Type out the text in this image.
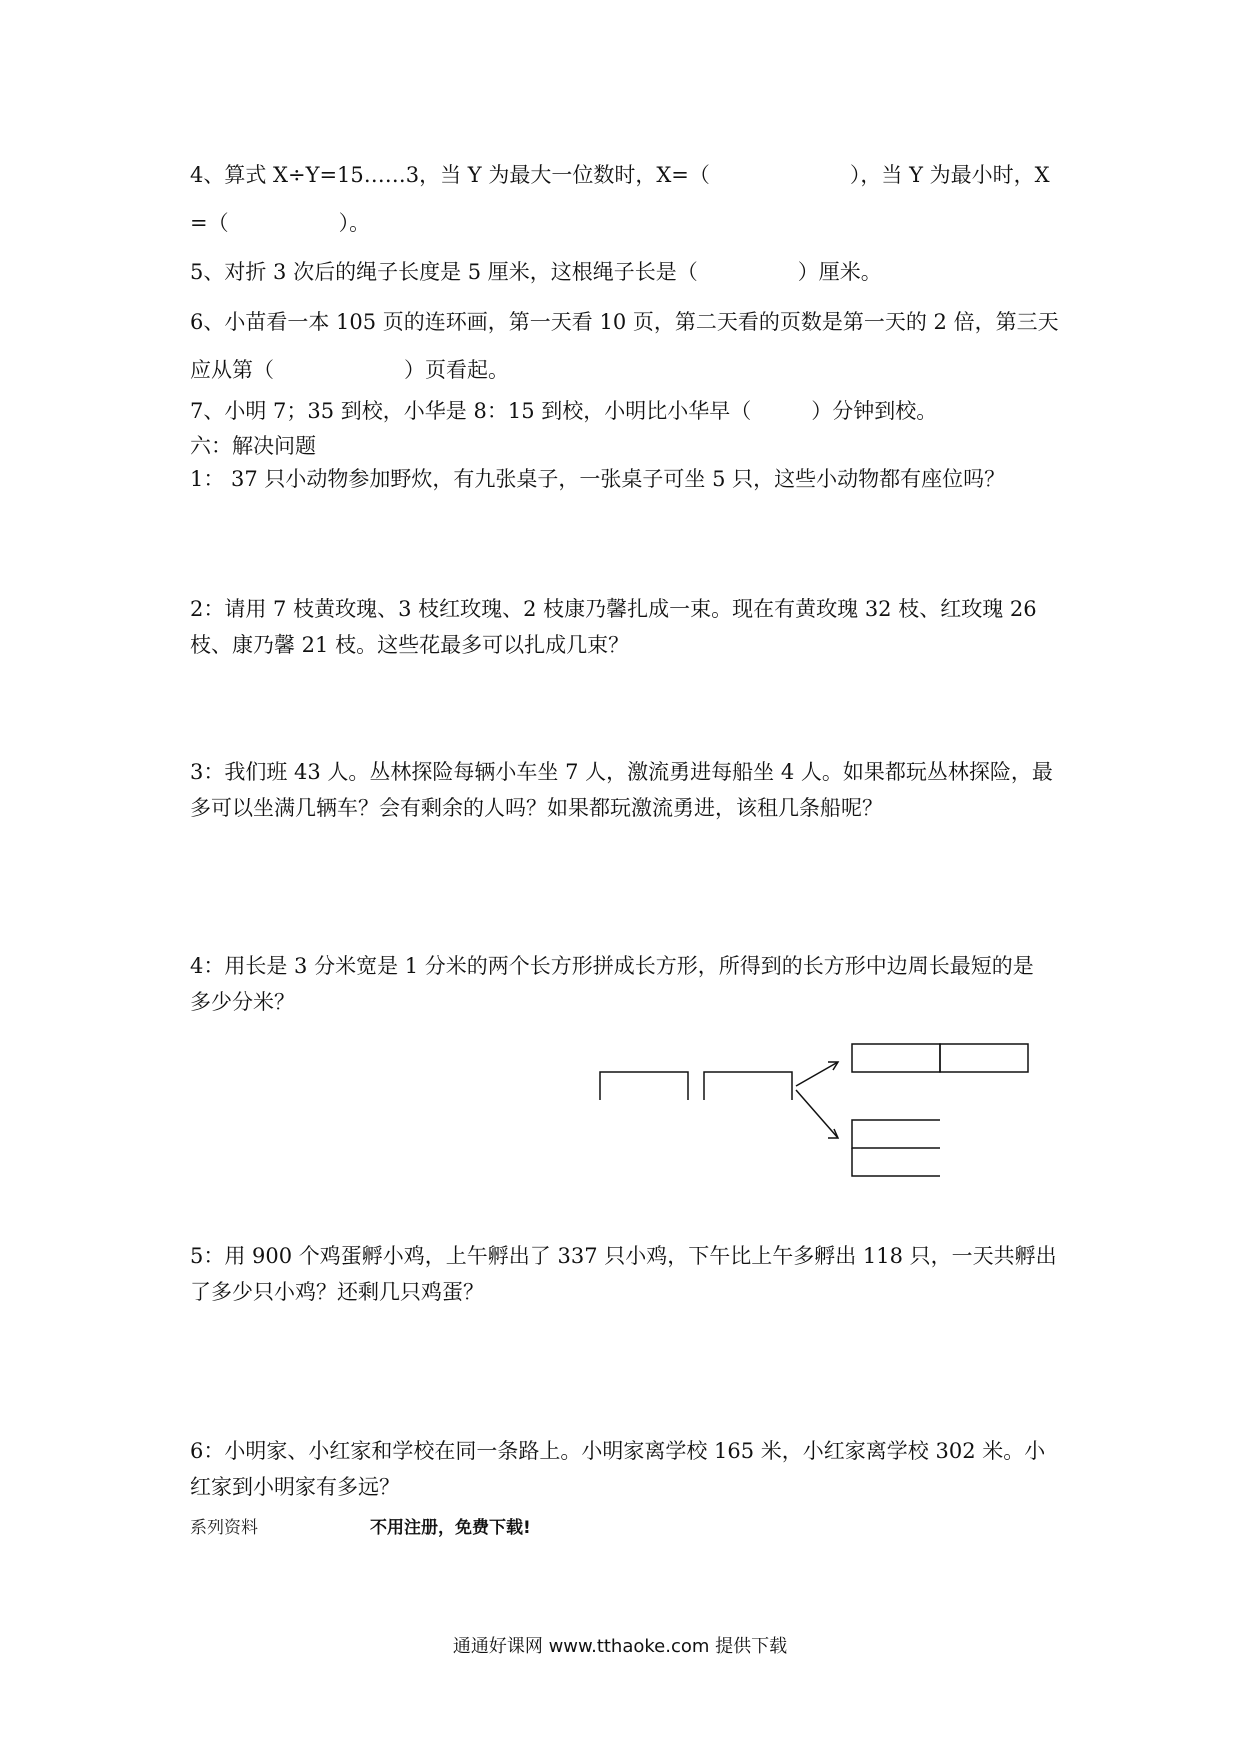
4、算式 X÷Y=15……3，当 Y 为最大一位数时，X=（	），当 Y 为最小时，X
=（	）。
5、对折 3 次后的绳子长度是 5 厘米，这根绳子长是（	）厘米。
6、小苗看一本 105 页的连环画，第一天看 10 页，第二天看的页数是第一天的 2 倍，第三天
应从第（	）页看起。
7、小明 7；35 到校，小华是 8：15 到校，小明比小华早（	）分钟到校。
六：解决问题
1： 37 只小动物参加野炊，有九张桌子，一张桌子可坐 5 只，这些小动物都有座位吗？
2：请用 7 枝黄玫瑰、3 枝红玫瑰、2 枝康乃馨扎成一束。现在有黄玫瑰 32 枝、红玫瑰 26
枝、康乃馨 21 枝。这些花最多可以扎成几束？
3：我们班 43 人。丛林探险每辆小车坐 7 人，激流勇进每船坐 4 人。如果都玩丛林探险，最
多可以坐满几辆车？会有剩余的人吗？如果都玩激流勇进，该租几条船呢？
4：用长是 3 分米宽是 1 分米的两个长方形拼成长方形，所得到的长方形中边周长最短的是
多少分米？
5：用 900 个鸡蛋孵小鸡，上午孵出了 337 只小鸡，下午比上午多孵出 118 只，一天共孵出
了多少只小鸡？还剩几只鸡蛋？
6：小明家、小红家和学校在同一条路上。小明家离学校 165 米，小红家离学校 302 米。小
红家到小明家有多远？
系列资料	不用注册，免费下载!
通通好课网 www.tthaoke.com 提供下载
